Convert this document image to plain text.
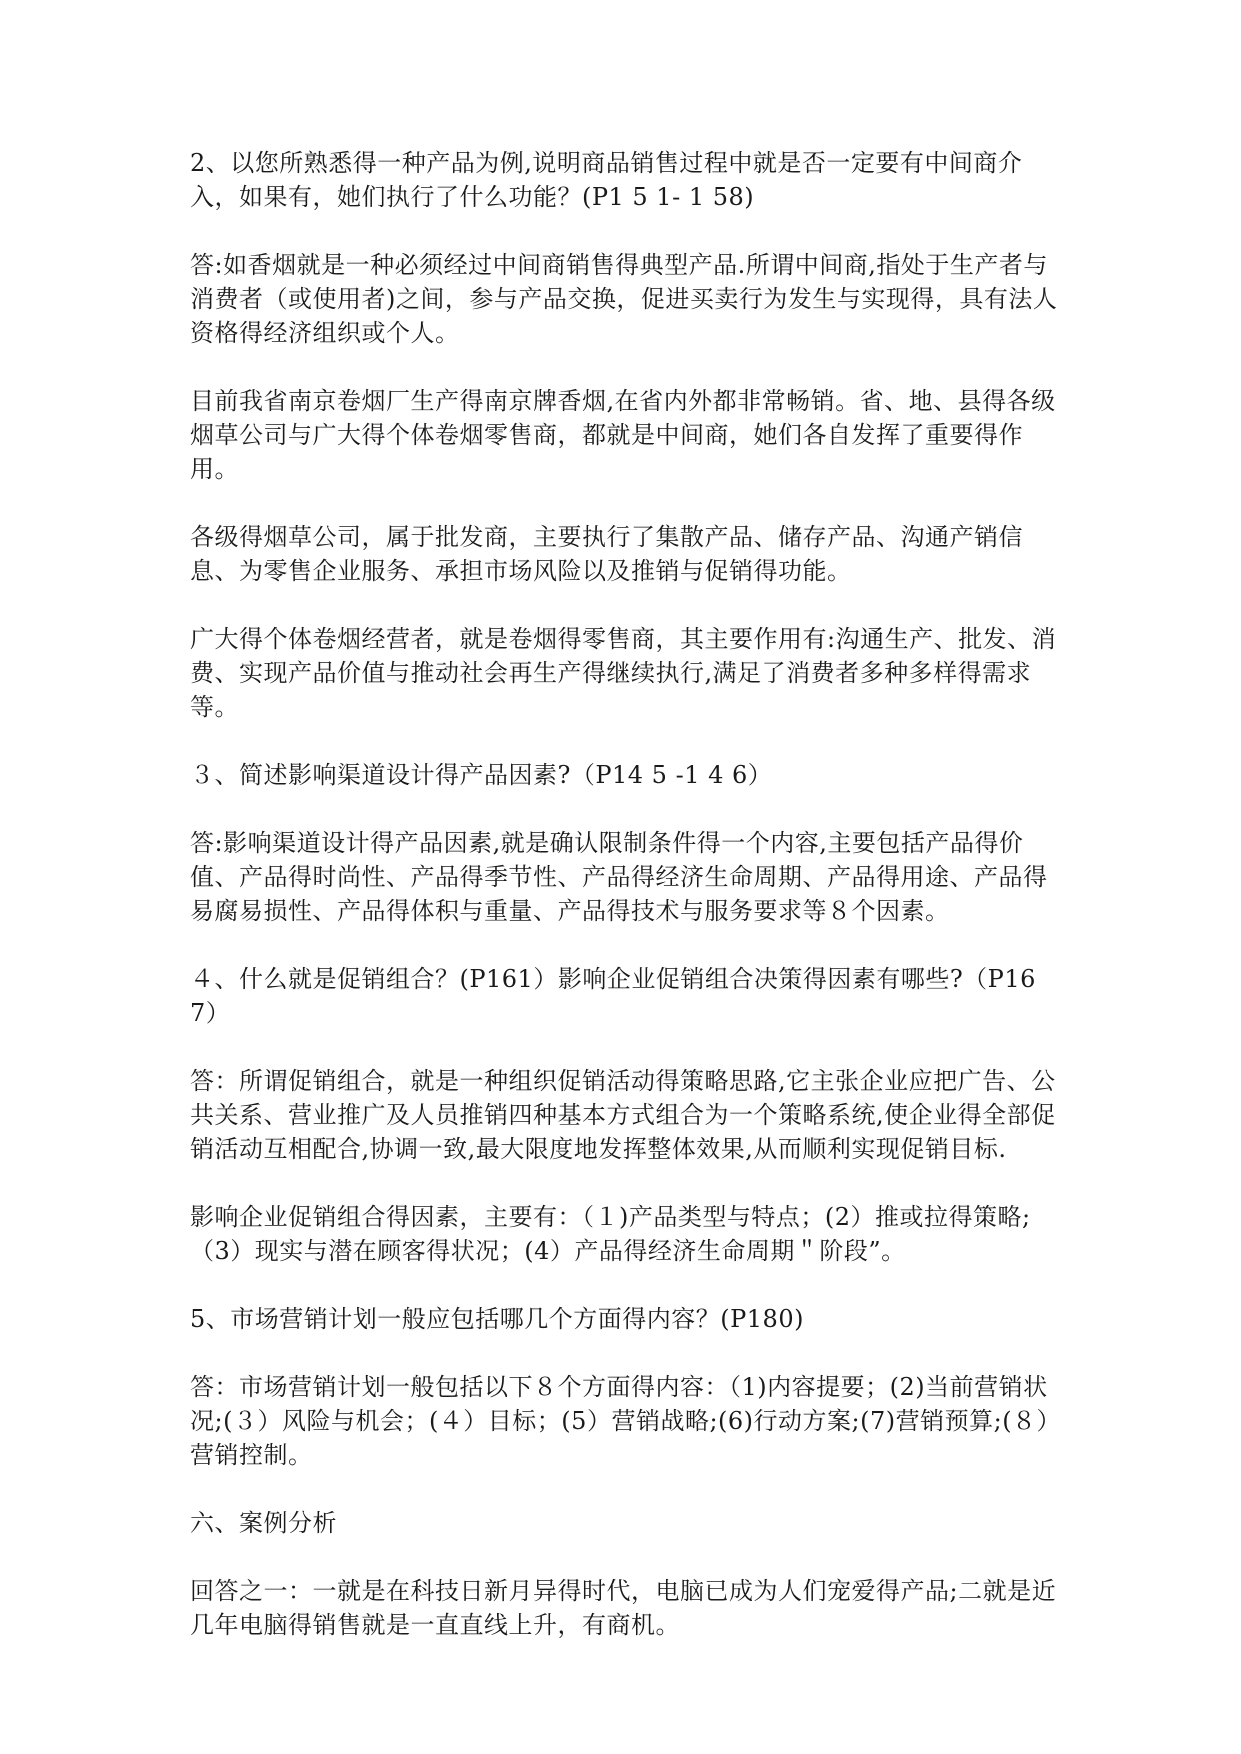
2、以您所熟悉得一种产品为例,说明商品销售过程中就是否一定要有中间商介入，如果有，她们执行了什么功能？(P1 5 1- 1 58)

答:如香烟就是一种必须经过中间商销售得典型产品.所谓中间商,指处于生产者与消费者（或使用者)之间，参与产品交换，促进买卖行为发生与实现得，具有法人资格得经济组织或个人。

目前我省南京卷烟厂生产得南京牌香烟,在省内外都非常畅销。省、地、县得各级烟草公司与广大得个体卷烟零售商，都就是中间商，她们各自发挥了重要得作用。

各级得烟草公司，属于批发商，主要执行了集散产品、储存产品、沟通产销信息、为零售企业服务、承担市场风险以及推销与促销得功能。

广大得个体卷烟经营者，就是卷烟得零售商，其主要作用有:沟通生产、批发、消费、实现产品价值与推动社会再生产得继续执行,满足了消费者多种多样得需求等。

３、简述影响渠道设计得产品因素?（P14 5 -1 4 6）

答:影响渠道设计得产品因素,就是确认限制条件得一个内容,主要包括产品得价值、产品得时尚性、产品得季节性、产品得经济生命周期、产品得用途、产品得易腐易损性、产品得体积与重量、产品得技术与服务要求等８个因素。

４、什么就是促销组合？(P161）影响企业促销组合决策得因素有哪些?（P167）

答：所谓促销组合，就是一种组织促销活动得策略思路,它主张企业应把广告、公共关系、营业推广及人员推销四种基本方式组合为一个策略系统,使企业得全部促销活动互相配合,协调一致,最大限度地发挥整体效果,从而顺利实现促销目标.

影响企业促销组合得因素，主要有：（１)产品类型与特点；(2）推或拉得策略;（3）现实与潜在顾客得状况；(4）产品得经济生命周期＂阶段”。

5、市场营销计划一般应包括哪几个方面得内容？(P180)

答：市场营销计划一般包括以下８个方面得内容：（1)内容提要；(2)当前营销状况;(３）风险与机会；(４）目标；(5）营销战略;(6)行动方案;(7)营销预算;(８）营销控制。

六、案例分析

回答之一：一就是在科技日新月异得时代，电脑已成为人们宠爱得产品;二就是近几年电脑得销售就是一直直线上升，有商机。
